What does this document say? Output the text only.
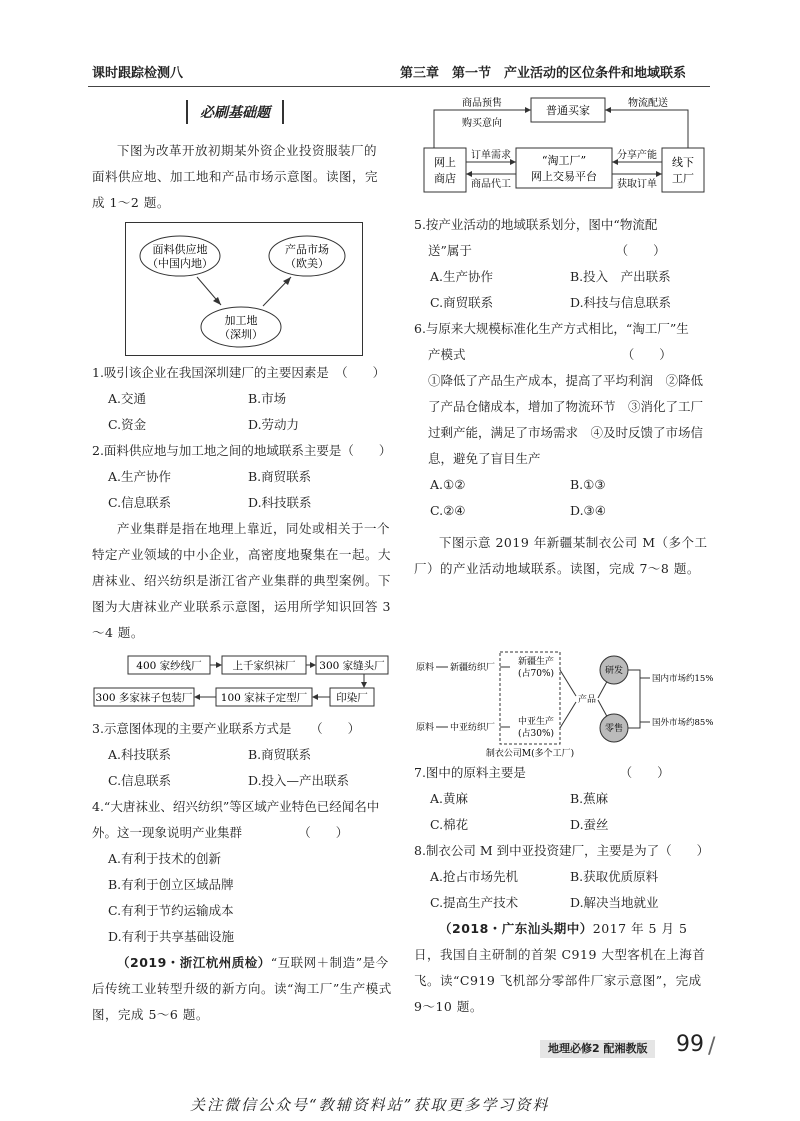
课时跟踪检测八	第三章　第一节　产业活动的区位条件和地域联系
必刷基础题

下图为改革开放初期某外资企业投资服装厂的面料供应地、加工地和产品市场示意图。读图，完成 1～2 题。

面料供应地
（中国内地）
产品市场
（欧美）
加工地
（深圳）

1.吸引该企业在我国深圳建厂的主要因素是　（　　）

A.交通	B.市场
C.资金	D.劳动力

2.面料供应地与加工地之间的地域联系主要是（　　）

A.生产协作	B.商贸联系
C.信息联系	D.科技联系

产业集群是指在地理上靠近，同处或相关于一个特定产业领域的中小企业，高密度地聚集在一起。大唐袜业、绍兴纺织是浙江省产业集群的典型案例。下图为大唐袜业产业联系示意图，运用所学知识回答 3～4 题。

400 家纱线厂	上千家织袜厂 300 家缝头厂
300 多家袜子包装厂	100 家袜子定型厂	印染厂

3.示意图体现的主要产业联系方式是　　（　　）

A.科技联系	B.商贸联系
C.信息联系	D.投入—产出联系

4.“大唐袜业、绍兴纺织”等区域产业特色已经闻名中

外。这一现象说明产业集群　　　　　（　　）

A.有利于技术的创新

B.有利于创立区域品牌

C.有利于节约运输成本

D.有利于共享基础设施

（2019・浙江杭州质检）“互联网＋制造”是今后传统工业转型升级的新方向。读“淘工厂”生产模式图，完成 5～6 题。

普通买家
网上
商店
“淘工厂”
网上交易平台
线下
工厂
商品预售
购买意向
物流配送
订单需求
商品代工
分享产能
获取订单

5.按产业活动的地域联系划分，图中“物流配

送”属于　　　　　　　　　　　　（　　）

A.生产协作	B.投入　产出联系
C.商贸联系	D.科技与信息联系

6.与原来大规模标准化生产方式相比，“淘工厂”生

产模式　　　　　　　　　　　　　（　　）

①降低了产品生产成本，提高了平均利润　②降低了产品仓储成本，增加了物流环节　③消化了工厂过剩产能，满足了市场需求　④及时反馈了市场信息，避免了盲目生产

A.①②	B.①③
C.②④	D.③④

下图示意 2019 年新疆某制衣公司 M（多个工厂）的产业活动地域联系。读图，完成 7～8 题。

原料
原料
新疆纺织厂
中亚纺织厂
新疆生产
(占70%)
中亚生产
(占30%)
产品
研发
零售
国内市场约15%
国外市场约85%
制衣公司M(多个工厂)

7.图中的原料主要是　　　　　　　　（　　）

A.黄麻	B.蕉麻
C.棉花	D.蚕丝

8.制衣公司 M 到中亚投资建厂，主要是为了（　　）

A.抢占市场先机	B.获取优质原料
C.提高生产技术	D.解决当地就业

（2018・广东汕头期中）2017 年 5 月 5 日，我国自主研制的首架 C919 大型客机在上海首飞。读“C919 飞机部分零部件厂家示意图”，完成 9～10 题。

地理必修2 配湘教版	99 /
关注微信公众号“教辅资料站”获取更多学习资料
